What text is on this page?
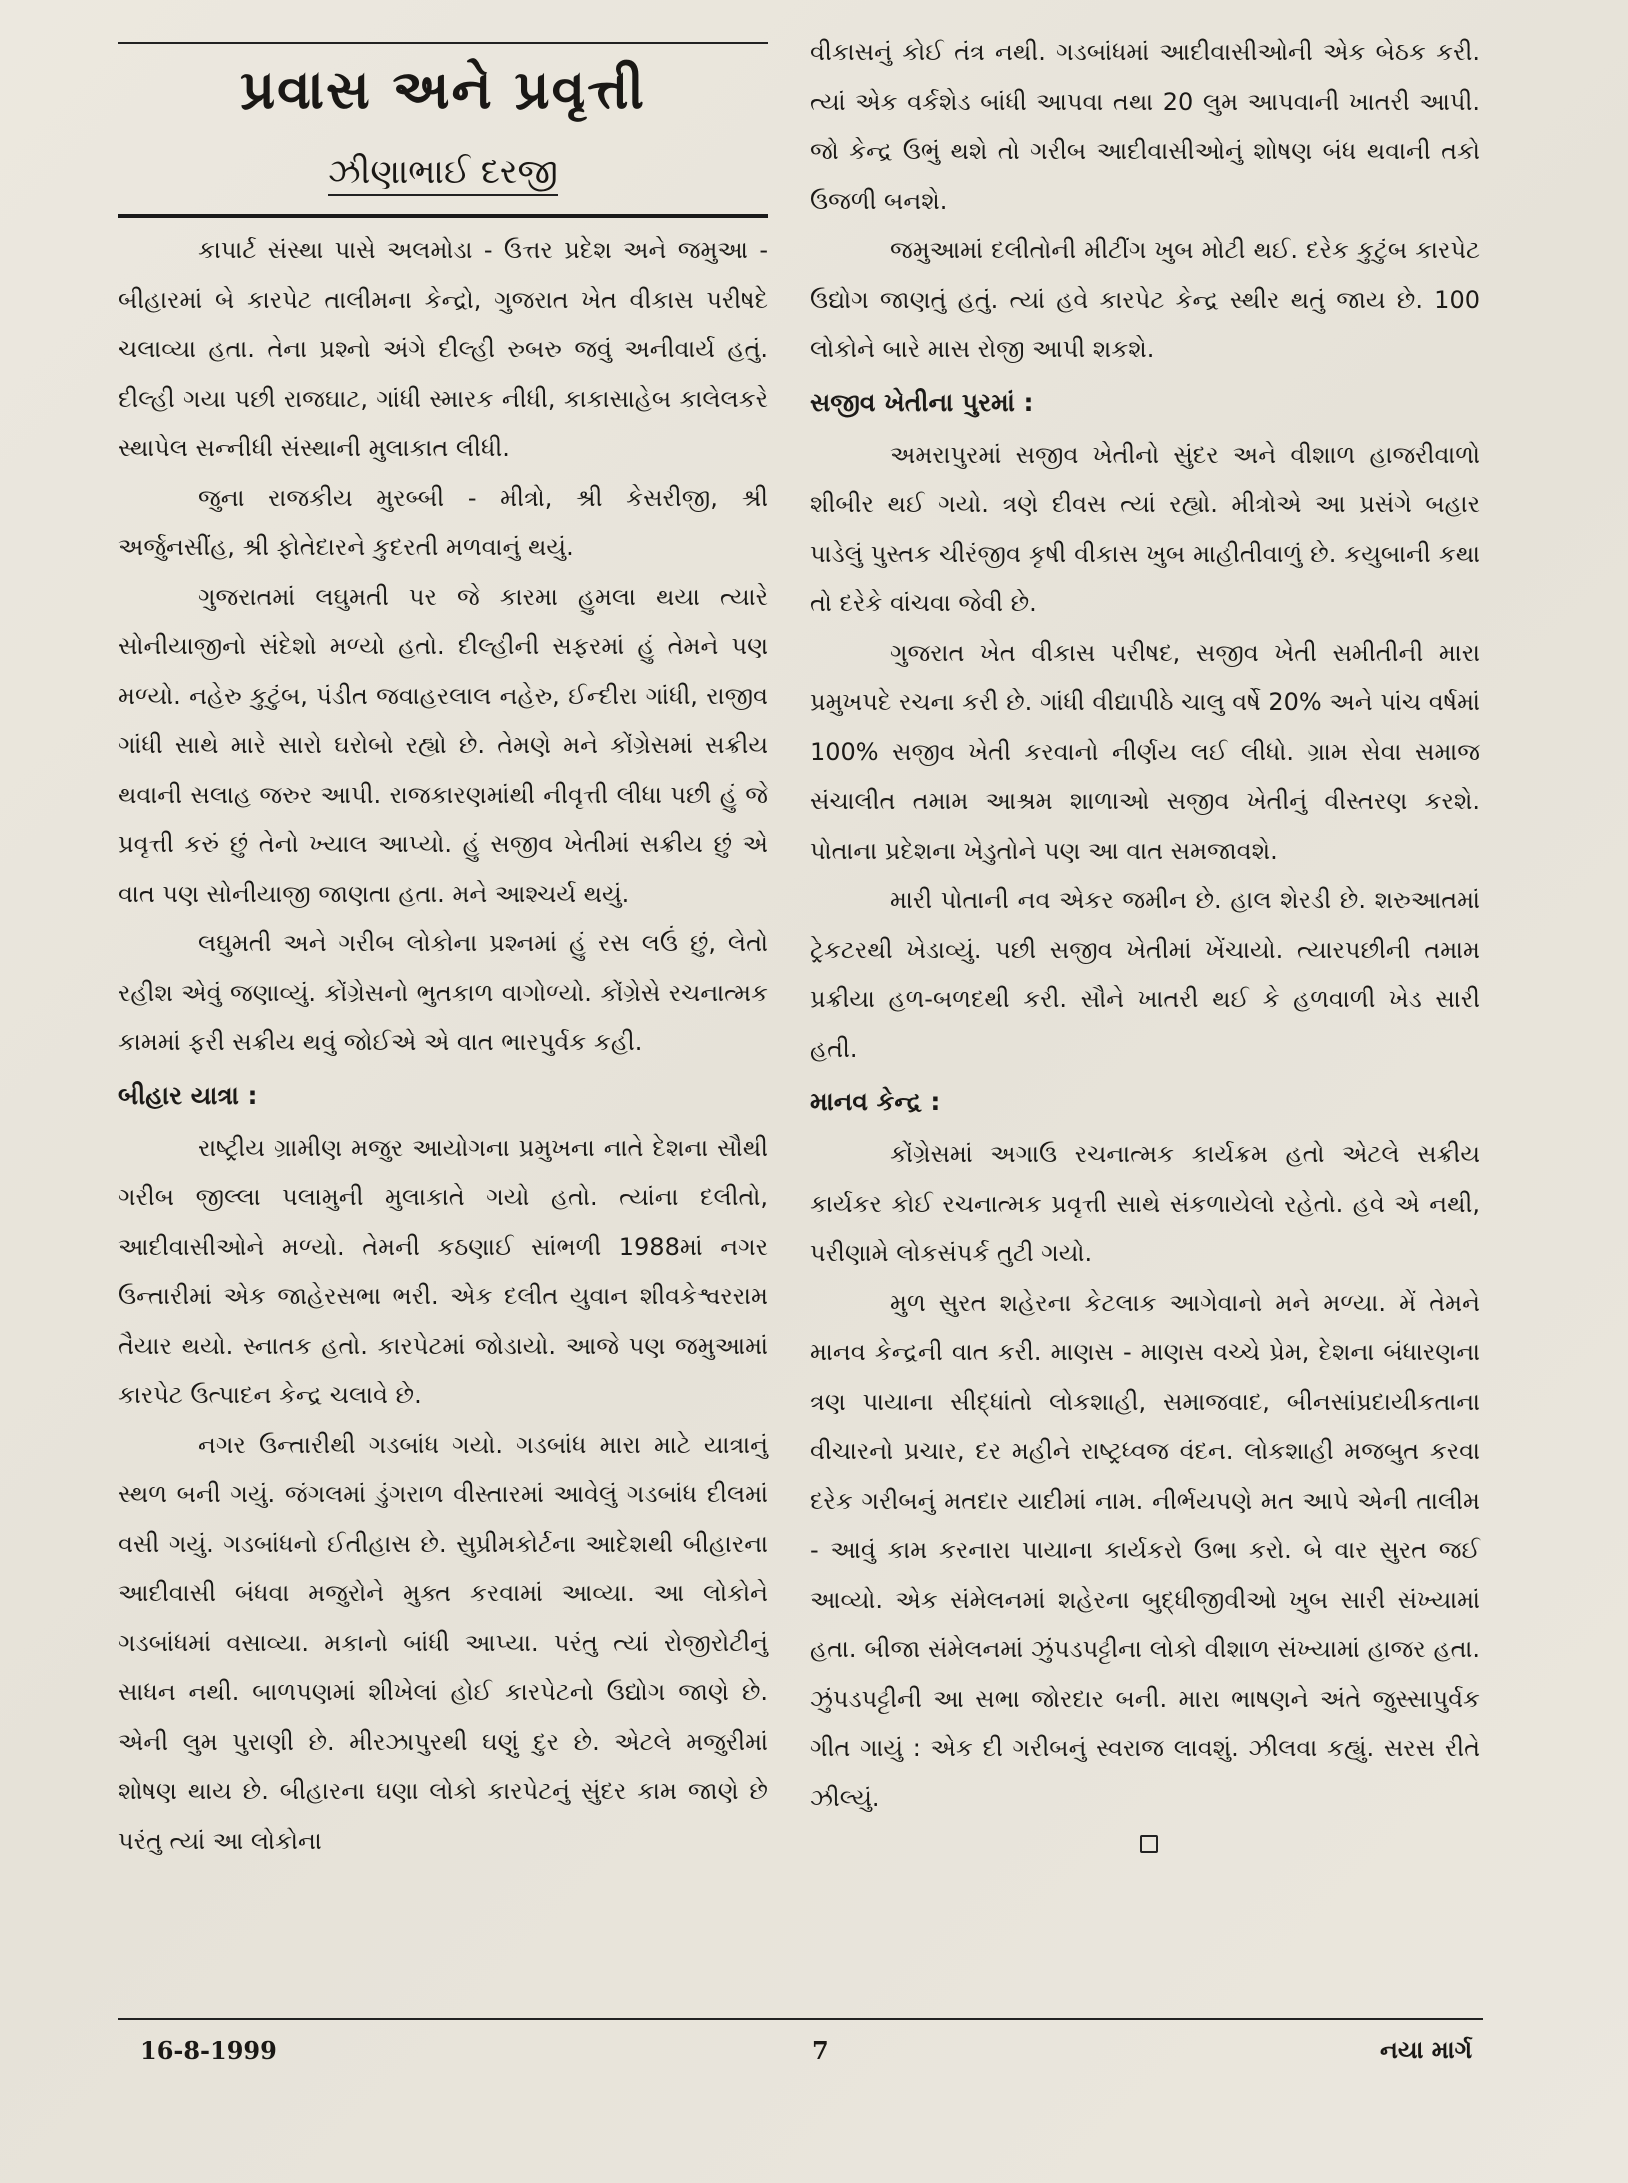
પ્રવાસ અને પ્રવૃત્તી
ઝીણાભાઈ દરજી

કાપાર્ટ સંસ્થા પાસે અલમોડા - ઉત્તર પ્રદેશ અને જમુઆ - બીહારમાં બે કારપેટ તાલીમના કેન્દ્રો, ગુજરાત ખેત વીકાસ પરીષદે ચલાવ્યા હતા. તેના પ્રશ્નો અંગે દીલ્હી રુબરુ જવું અનીવાર્ય હતું. દીલ્હી ગયા પછી રાજઘાટ, ગાંધી સ્મારક નીધી, કાકાસાહેબ કાલેલકરે સ્થાપેલ સન્નીધી સંસ્થાની મુલાકાત લીધી.

જુના રાજકીય મુરબ્બી - મીત્રો, શ્રી કેસરીજી, શ્રી અર્જુનસીંહ, શ્રી ફોતેદારને કુદરતી મળવાનું થયું.

ગુજરાતમાં લઘુમતી પર જે કારમા હુમલા થયા ત્યારે સોનીયાજીનો સંદેશો મળ્યો હતો. દીલ્હીની સફરમાં હું તેમને પણ મળ્યો. નહેરુ કુટુંબ, પંડીત જવાહરલાલ નહેરુ, ઈન્દીરા ગાંધી, રાજીવ ગાંધી સાથે મારે સારો ઘરોબો રહ્યો છે. તેમણે મને કોંગ્રેસમાં સક્રીય થવાની સલાહ જરુર આપી. રાજકારણમાંથી નીવૃત્તી લીધા પછી હું જે પ્રવૃત્તી કરું છું તેનો ખ્યાલ આપ્યો. હું સજીવ ખેતીમાં સક્રીય છું એ વાત પણ સોનીયાજી જાણતા હતા. મને આશ્ચર્ય થયું.

લઘુમતી અને ગરીબ લોકોના પ્રશ્નમાં હું રસ લઉં છું, લેતો રહીશ એવું જણાવ્યું. કોંગ્રેસનો ભુતકાળ વાગોળ્યો. કોંગ્રેસે રચનાત્મક કામમાં ફરી સક્રીય થવું જોઈએ એ વાત ભારપુર્વક કહી.

બીહાર યાત્રા :

રાષ્ટ્રીય ગ્રામીણ મજુર આયોગના પ્રમુખના નાતે દેશના સૌથી ગરીબ જીલ્લા પલામુની મુલાકાતે ગયો હતો. ત્યાંના દલીતો, આદીવાસીઓને મળ્યો. તેમની કઠણાઈ સાંભળી 1988માં નગર ઉન્તારીમાં એક જાહેરસભા ભરી. એક દલીત યુવાન શીવકેશ્વરરામ તૈયાર થયો. સ્નાતક હતો. કારપેટમાં જોડાયો. આજે પણ જમુઆમાં કારપેટ ઉત્પાદન કેન્દ્ર ચલાવે છે.

નગર ઉન્તારીથી ગડબાંધ ગયો. ગડબાંધ મારા માટે યાત્રાનું સ્થળ બની ગયું. જંગલમાં ડુંગરાળ વીસ્તારમાં આવેલું ગડબાંધ દીલમાં વસી ગયું. ગડબાંધનો ઈતીહાસ છે. સુપ્રીમકોર્ટના આદેશથી બીહારના આદીવાસી બંધવા મજુરોને મુક્ત કરવામાં આવ્યા. આ લોકોને ગડબાંધમાં વસાવ્યા. મકાનો બાંધી આપ્યા. પરંતુ ત્યાં રોજીરોટીનું સાધન નથી. બાળપણમાં શીખેલાં હોઈ કારપેટનો ઉદ્યોગ જાણે છે. એની લુમ પુરાણી છે. મીરઝાપુરથી ઘણું દુર છે. એટલે મજુરીમાં શોષણ થાય છે. બીહારના ઘણા લોકો કારપેટનું સુંદર કામ જાણે છે પરંતુ ત્યાં આ લોકોના

વીકાસનું કોઈ તંત્ર નથી. ગડબાંધમાં આદીવાસીઓની એક બેઠક કરી. ત્યાં એક વર્કશેડ બાંધી આપવા તથા 20 લુમ આપવાની ખાતરી આપી. જો કેન્દ્ર ઉભું થશે તો ગરીબ આદીવાસીઓનું શોષણ બંધ થવાની તકો ઉજળી બનશે.

જમુઆમાં દલીતોની મીટીંગ ખુબ મોટી થઈ. દરેક કુટુંબ કારપેટ ઉદ્યોગ જાણતું હતું. ત્યાં હવે કારપેટ કેન્દ્ર સ્થીર થતું જાય છે. 100 લોકોને બારે માસ રોજી આપી શકશે.

સજીવ ખેતીના પુરમાં :

અમરાપુરમાં સજીવ ખેતીનો સુંદર અને વીશાળ હાજરીવાળો શીબીર થઈ ગયો. ત્રણે દીવસ ત્યાં રહ્યો. મીત્રોએ આ પ્રસંગે બહાર પાડેલું પુસ્તક ચીરંજીવ કૃષી વીકાસ ખુબ માહીતીવાળું છે. કયુબાની કથા તો દરેકે વાંચવા જેવી છે.

ગુજરાત ખેત વીકાસ પરીષદ, સજીવ ખેતી સમીતીની મારા પ્રમુખપદે રચના કરી છે. ગાંધી વીદ્યાપીઠે ચાલુ વર્ષે 20% અને પાંચ વર્ષમાં 100% સજીવ ખેતી કરવાનો નીર્ણય લઈ લીધો. ગ્રામ સેવા સમાજ સંચાલીત તમામ આશ્રમ શાળાઓ સજીવ ખેતીનું વીસ્તરણ કરશે. પોતાના પ્રદેશના ખેડુતોને પણ આ વાત સમજાવશે.

મારી પોતાની નવ એકર જમીન છે. હાલ શેરડી છે. શરુઆતમાં ટ્રેકટરથી ખેડાવ્યું. પછી સજીવ ખેતીમાં ખેંચાયો. ત્યારપછીની તમામ પ્રક્રીયા હળ-બળદથી કરી. સૌને ખાતરી થઈ કે હળવાળી ખેડ સારી હતી.

માનવ કેન્દ્ર :

કોંગ્રેસમાં અગાઉ રચનાત્મક કાર્યક્રમ હતો એટલે સક્રીય કાર્યકર કોઈ રચનાત્મક પ્રવૃત્તી સાથે સંકળાયેલો રહેતો. હવે એ નથી, પરીણામે લોકસંપર્ક તુટી ગયો.

મુળ સુરત શહેરના કેટલાક આગેવાનો મને મળ્યા. મેં તેમને માનવ કેન્દ્રની વાત કરી. માણસ - માણસ વચ્ચે પ્રેમ, દેશના બંધારણના ત્રણ પાયાના સીદ્ધાંતો લોકશાહી, સમાજવાદ, બીનસાંપ્રદાયીકતાના વીચારનો પ્રચાર, દર મહીને રાષ્ટ્રધ્વજ વંદન. લોકશાહી મજબુત કરવા દરેક ગરીબનું મતદાર યાદીમાં નામ. નીર્ભયપણે મત આપે એની તાલીમ - આવું કામ કરનારા પાયાના કાર્યકરો ઉભા કરો. બે વાર સુરત જઈ આવ્યો. એક સંમેલનમાં શહેરના બુદ્ધીજીવીઓ ખુબ સારી સંખ્યામાં હતા. બીજા સંમેલનમાં ઝુંપડપટ્ટીના લોકો વીશાળ સંખ્યામાં હાજર હતા. ઝુંપડપટ્ટીની આ સભા જોરદાર બની. મારા ભાષણને અંતે જુસ્સાપુર્વક ગીત ગાયું : એક દી ગરીબનું સ્વરાજ લાવશું. ઝીલવા કહ્યું. સરસ રીતે ઝીલ્યું.

16-8-1999	7	નયા માર્ગ
